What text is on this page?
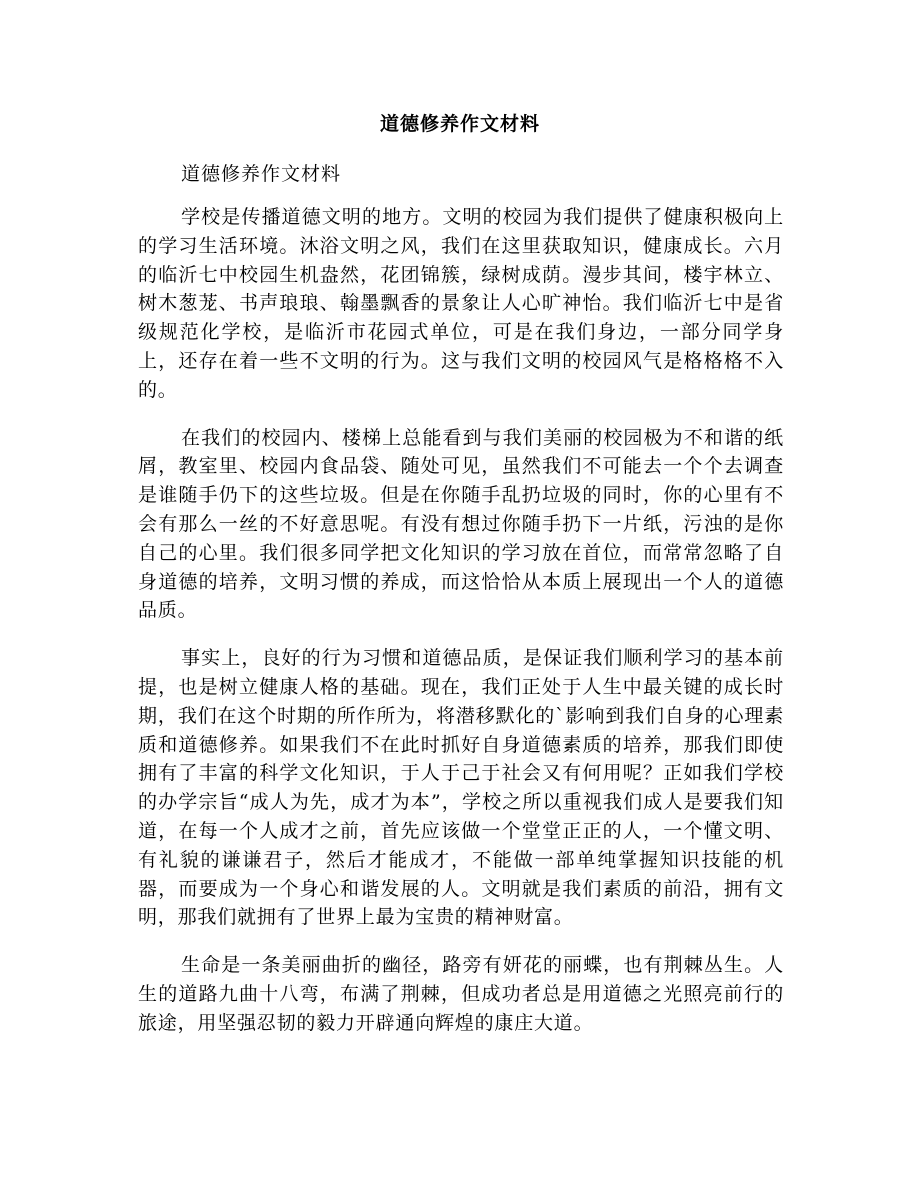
道德修养作文材料

道德修养作文材料

学校是传播道德文明的地方。文明的校园为我们提供了健康积极向上的学习生活环境。沐浴文明之风，我们在这里获取知识，健康成长。六月的临沂七中校园生机盎然，花团锦簇，绿树成荫。漫步其间，楼宇林立、树木葱茏、书声琅琅、翰墨飘香的景象让人心旷神怡。我们临沂七中是省级规范化学校，是临沂市花园式单位，可是在我们身边，一部分同学身上，还存在着一些不文明的行为。这与我们文明的校园风气是格格格不入的。

在我们的校园内、楼梯上总能看到与我们美丽的校园极为不和谐的纸屑，教室里、校园内食品袋、随处可见，虽然我们不可能去一个个去调查是谁随手仍下的这些垃圾。但是在你随手乱扔垃圾的同时，你的心里有不会有那么一丝的不好意思呢。有没有想过你随手扔下一片纸，污浊的是你自己的心里。我们很多同学把文化知识的学习放在首位，而常常忽略了自身道德的培养，文明习惯的养成，而这恰恰从本质上展现出一个人的道德品质。

事实上，良好的行为习惯和道德品质，是保证我们顺利学习的基本前提，也是树立健康人格的基础。现在，我们正处于人生中最关键的成长时期，我们在这个时期的所作所为，将潜移默化的`影响到我们自身的心理素质和道德修养。如果我们不在此时抓好自身道德素质的培养，那我们即使拥有了丰富的科学文化知识，于人于己于社会又有何用呢？正如我们学校的办学宗旨“成人为先，成才为本”，学校之所以重视我们成人是要我们知道，在每一个人成才之前，首先应该做一个堂堂正正的人，一个懂文明、有礼貌的谦谦君子，然后才能成才，不能做一部单纯掌握知识技能的机器，而要成为一个身心和谐发展的人。文明就是我们素质的前沿，拥有文明，那我们就拥有了世界上最为宝贵的精神财富。

生命是一条美丽曲折的幽径，路旁有妍花的丽蝶，也有荆棘丛生。人生的道路九曲十八弯，布满了荆棘，但成功者总是用道德之光照亮前行的旅途，用坚强忍韧的毅力开辟通向辉煌的康庄大道。
